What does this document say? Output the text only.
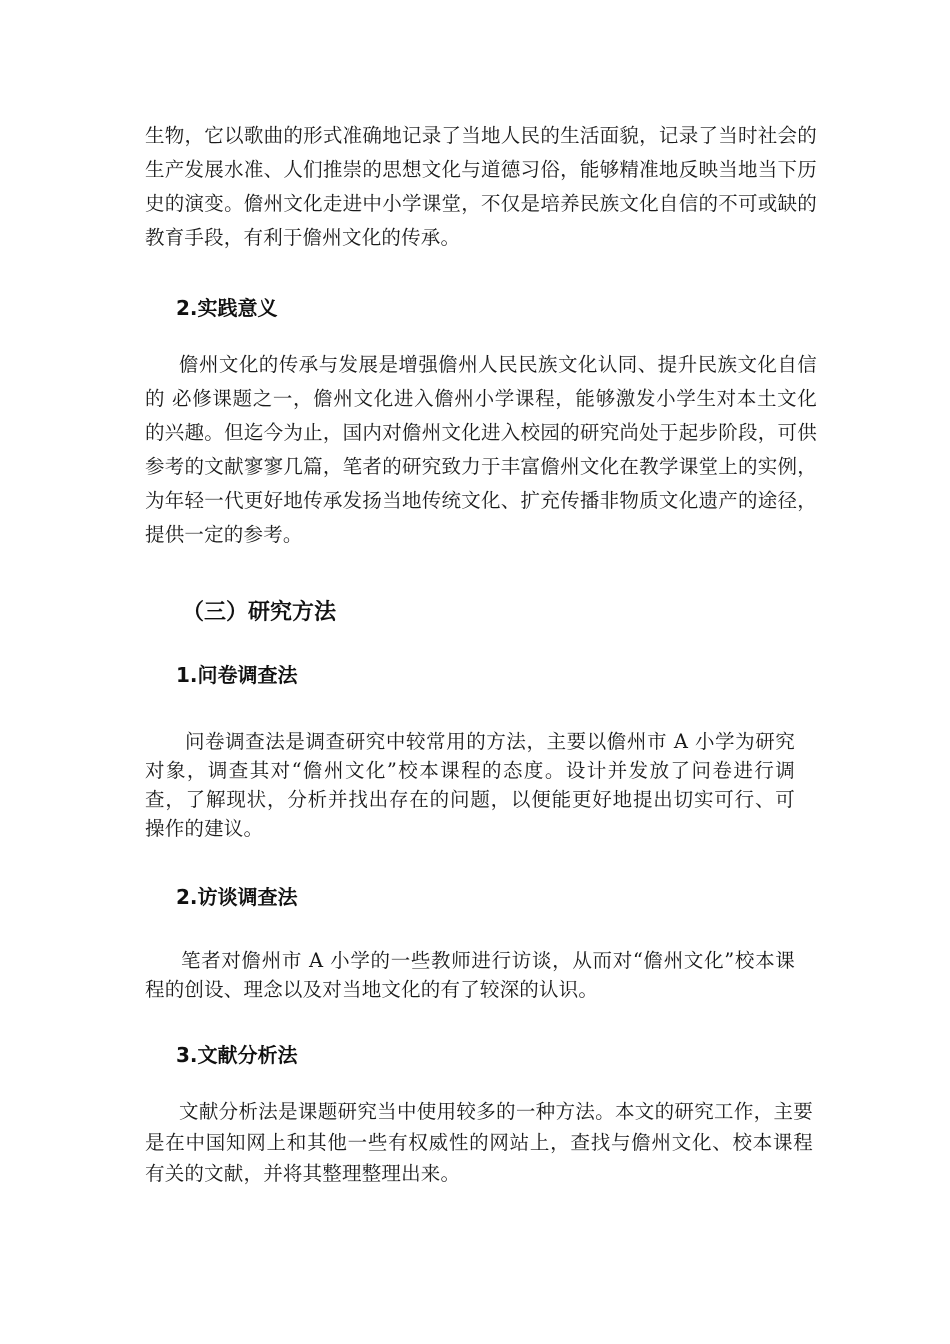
生物，它以歌曲的形式准确地记录了当地人民的生活面貌，记录了当时社会的生产发展水准、人们推崇的思想文化与道德习俗，能够精准地反映当地当下历史的演变。儋州文化走进中小学课堂，不仅是培养民族文化自信的不可或缺的教育手段，有利于儋州文化的传承。

2.实践意义

儋州文化的传承与发展是增强儋州人民民族文化认同、提升民族文化自信的 必修课题之一，儋州文化进入儋州小学课程，能够激发小学生对本土文化的兴趣。但迄今为止，国内对儋州文化进入校园的研究尚处于起步阶段，可供参考的文献寥寥几篇，笔者的研究致力于丰富儋州文化在教学课堂上的实例，为年轻一代更好地传承发扬当地传统文化、扩充传播非物质文化遗产的途径，提供一定的参考。

（三）研究方法
1.问卷调查法

问卷调查法是调查研究中较常用的方法，主要以儋州市 A 小学为研究对象，调查其对“儋州文化”校本课程的态度。设计并发放了问卷进行调查，了解现状，分析并找出存在的问题，以便能更好地提出切实可行、可操作的建议。

2.访谈调查法

笔者对儋州市 A 小学的一些教师进行访谈，从而对“儋州文化”校本课程的创设、理念以及对当地文化的有了较深的认识。

3.文献分析法

文献分析法是课题研究当中使用较多的一种方法。本文的研究工作，主要是在中国知网上和其他一些有权威性的网站上，查找与儋州文化、校本课程有关的文献，并将其整理整理出来。
